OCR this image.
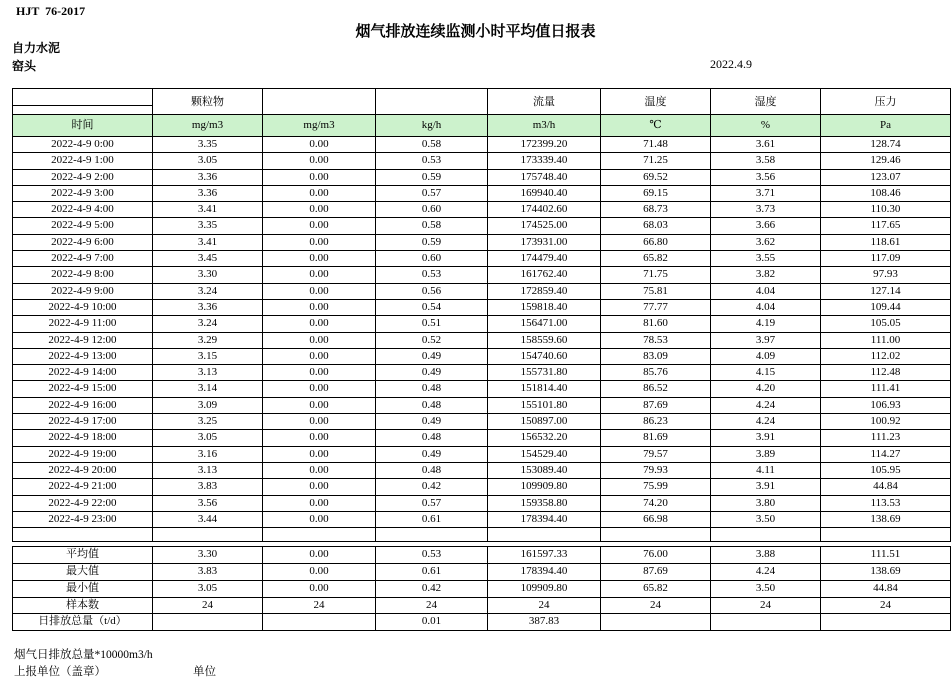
HJT  76-2017
烟气排放连续监测小时平均值日报表
自力水泥
窑头	2022.4.9
	颗粒物			流量	温度	湿度	压力

时间	mg/m3	mg/m3	kg/h	m3/h	℃	%	Pa
2022-4-9 0:00	3.35	0.00	0.58	172399.20	71.48	3.61	128.74
2022-4-9 1:00	3.05	0.00	0.53	173339.40	71.25	3.58	129.46
2022-4-9 2:00	3.36	0.00	0.59	175748.40	69.52	3.56	123.07
2022-4-9 3:00	3.36	0.00	0.57	169940.40	69.15	3.71	108.46
2022-4-9 4:00	3.41	0.00	0.60	174402.60	68.73	3.73	110.30
2022-4-9 5:00	3.35	0.00	0.58	174525.00	68.03	3.66	117.65
2022-4-9 6:00	3.41	0.00	0.59	173931.00	66.80	3.62	118.61
2022-4-9 7:00	3.45	0.00	0.60	174479.40	65.82	3.55	117.09
2022-4-9 8:00	3.30	0.00	0.53	161762.40	71.75	3.82	97.93
2022-4-9 9:00	3.24	0.00	0.56	172859.40	75.81	4.04	127.14
2022-4-9 10:00	3.36	0.00	0.54	159818.40	77.77	4.04	109.44
2022-4-9 11:00	3.24	0.00	0.51	156471.00	81.60	4.19	105.05
2022-4-9 12:00	3.29	0.00	0.52	158559.60	78.53	3.97	111.00
2022-4-9 13:00	3.15	0.00	0.49	154740.60	83.09	4.09	112.02
2022-4-9 14:00	3.13	0.00	0.49	155731.80	85.76	4.15	112.48
2022-4-9 15:00	3.14	0.00	0.48	151814.40	86.52	4.20	111.41
2022-4-9 16:00	3.09	0.00	0.48	155101.80	87.69	4.24	106.93
2022-4-9 17:00	3.25	0.00	0.49	150897.00	86.23	4.24	100.92
2022-4-9 18:00	3.05	0.00	0.48	156532.20	81.69	3.91	111.23
2022-4-9 19:00	3.16	0.00	0.49	154529.40	79.57	3.89	114.27
2022-4-9 20:00	3.13	0.00	0.48	153089.40	79.93	4.11	105.95
2022-4-9 21:00	3.83	0.00	0.42	109909.80	75.99	3.91	44.84
2022-4-9 22:00	3.56	0.00	0.57	159358.80	74.20	3.80	113.53
2022-4-9 23:00	3.44	0.00	0.61	178394.40	66.98	3.50	138.69

平均值	3.30	0.00	0.53	161597.33	76.00	3.88	111.51
最大值	3.83	0.00	0.61	178394.40	87.69	4.24	138.69
最小值	3.05	0.00	0.42	109909.80	65.82	3.50	44.84
样本数	24	24	24	24	24	24	24
日排放总量（t/d）			0.01	387.83			
烟气日排放总量*10000m3/h
上报单位（盖章）	单位
